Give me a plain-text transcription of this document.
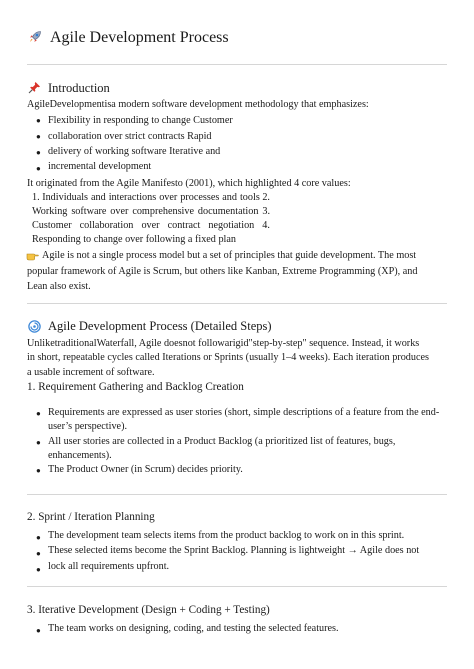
Agile Development Process
Introduction
AgileDevelopmentisa modern software development methodology that emphasizes:
● Flexibility in responding to change Customer
● collaboration over strict contracts Rapid
● delivery of working software Iterative and
● incremental development
It originated from the Agile Manifesto (2001), which highlighted 4 core values:
1. Individuals and interactions over processes and tools 2.
Working software over comprehensive documentation 3.
Customer collaboration over contract negotiation 4.
Responding to change over following a fixed plan
Agile is not a single process model but a set of principles that guide development. The most
popular framework of Agile is Scrum, but others like Kanban, Extreme Programming (XP), and
Lean also exist.
Agile Development Process (Detailed Steps)
UnliketraditionalWaterfall, Agile doesnot followarigid"step-by-step" sequence. Instead, it works
in short, repeatable cycles called Iterations or Sprints (usually 1–4 weeks). Each iteration produces
a usable increment of software.
1. Requirement Gathering and Backlog Creation
● Requirements are expressed as user stories (short, simple descriptions of a feature from the end-
user’s perspective).
● All user stories are collected in a Product Backlog (a prioritized list of features, bugs,
enhancements).
● The Product Owner (in Scrum) decides priority.
2. Sprint / Iteration Planning
● The development team selects items from the product backlog to work on in this sprint.
● These selected items become the Sprint Backlog. Planning is lightweight → Agile does not
● lock all requirements upfront.
3. Iterative Development (Design + Coding + Testing)
● The team works on designing, coding, and testing the selected features.
